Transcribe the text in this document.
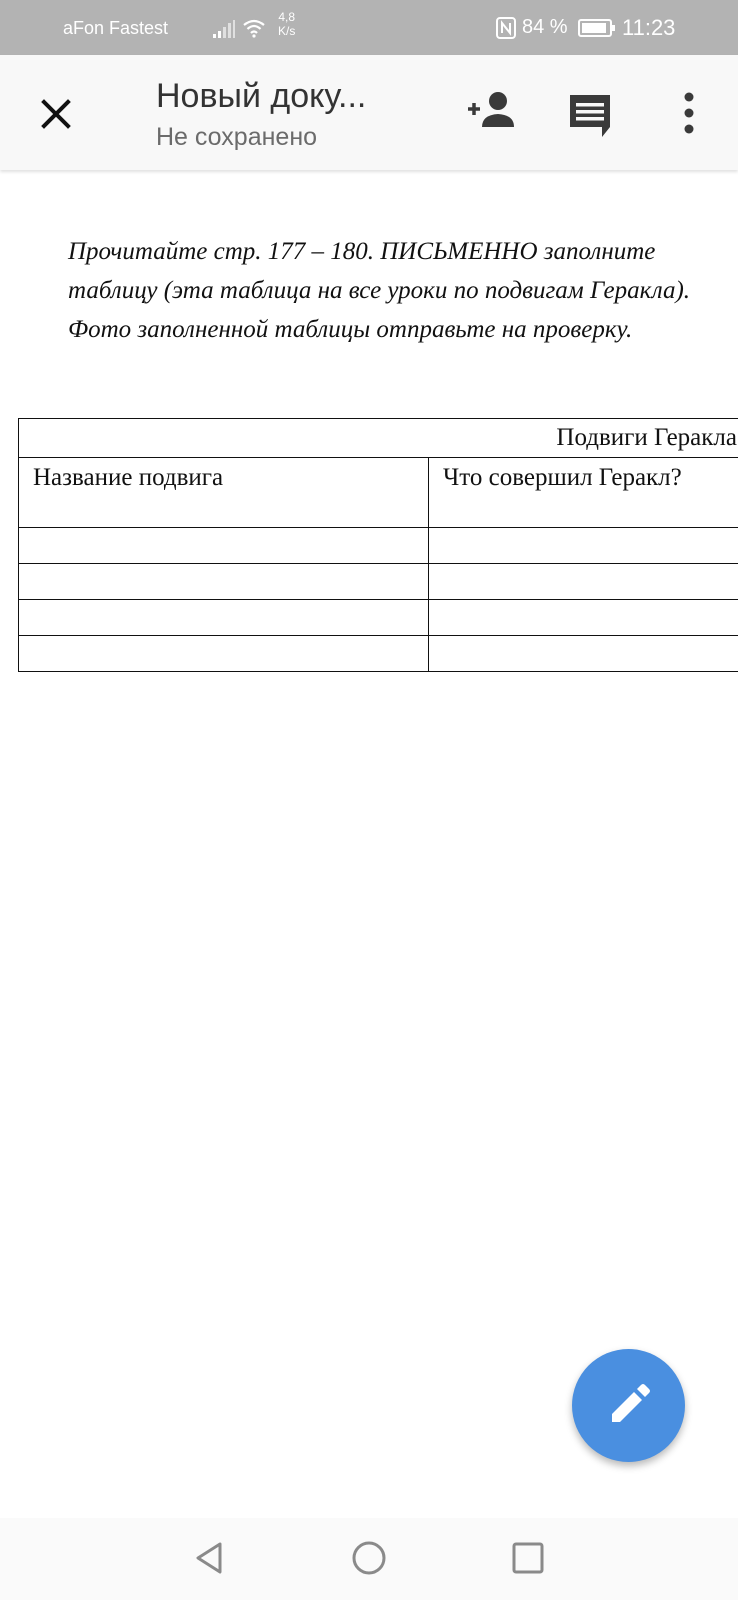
aFon Fastest
4,8
K/s	84 % 11:23
Новый доку...
Не сохранено
Прочитайте стр. 177 – 180. ПИСЬМЕННО заполните таблицу (эта таблица на все уроки по подвигам Геракла). Фото заполненной таблицы отправьте на проверку.
Подвиги Геракла	
Название подвига	Что совершил Геракл?
